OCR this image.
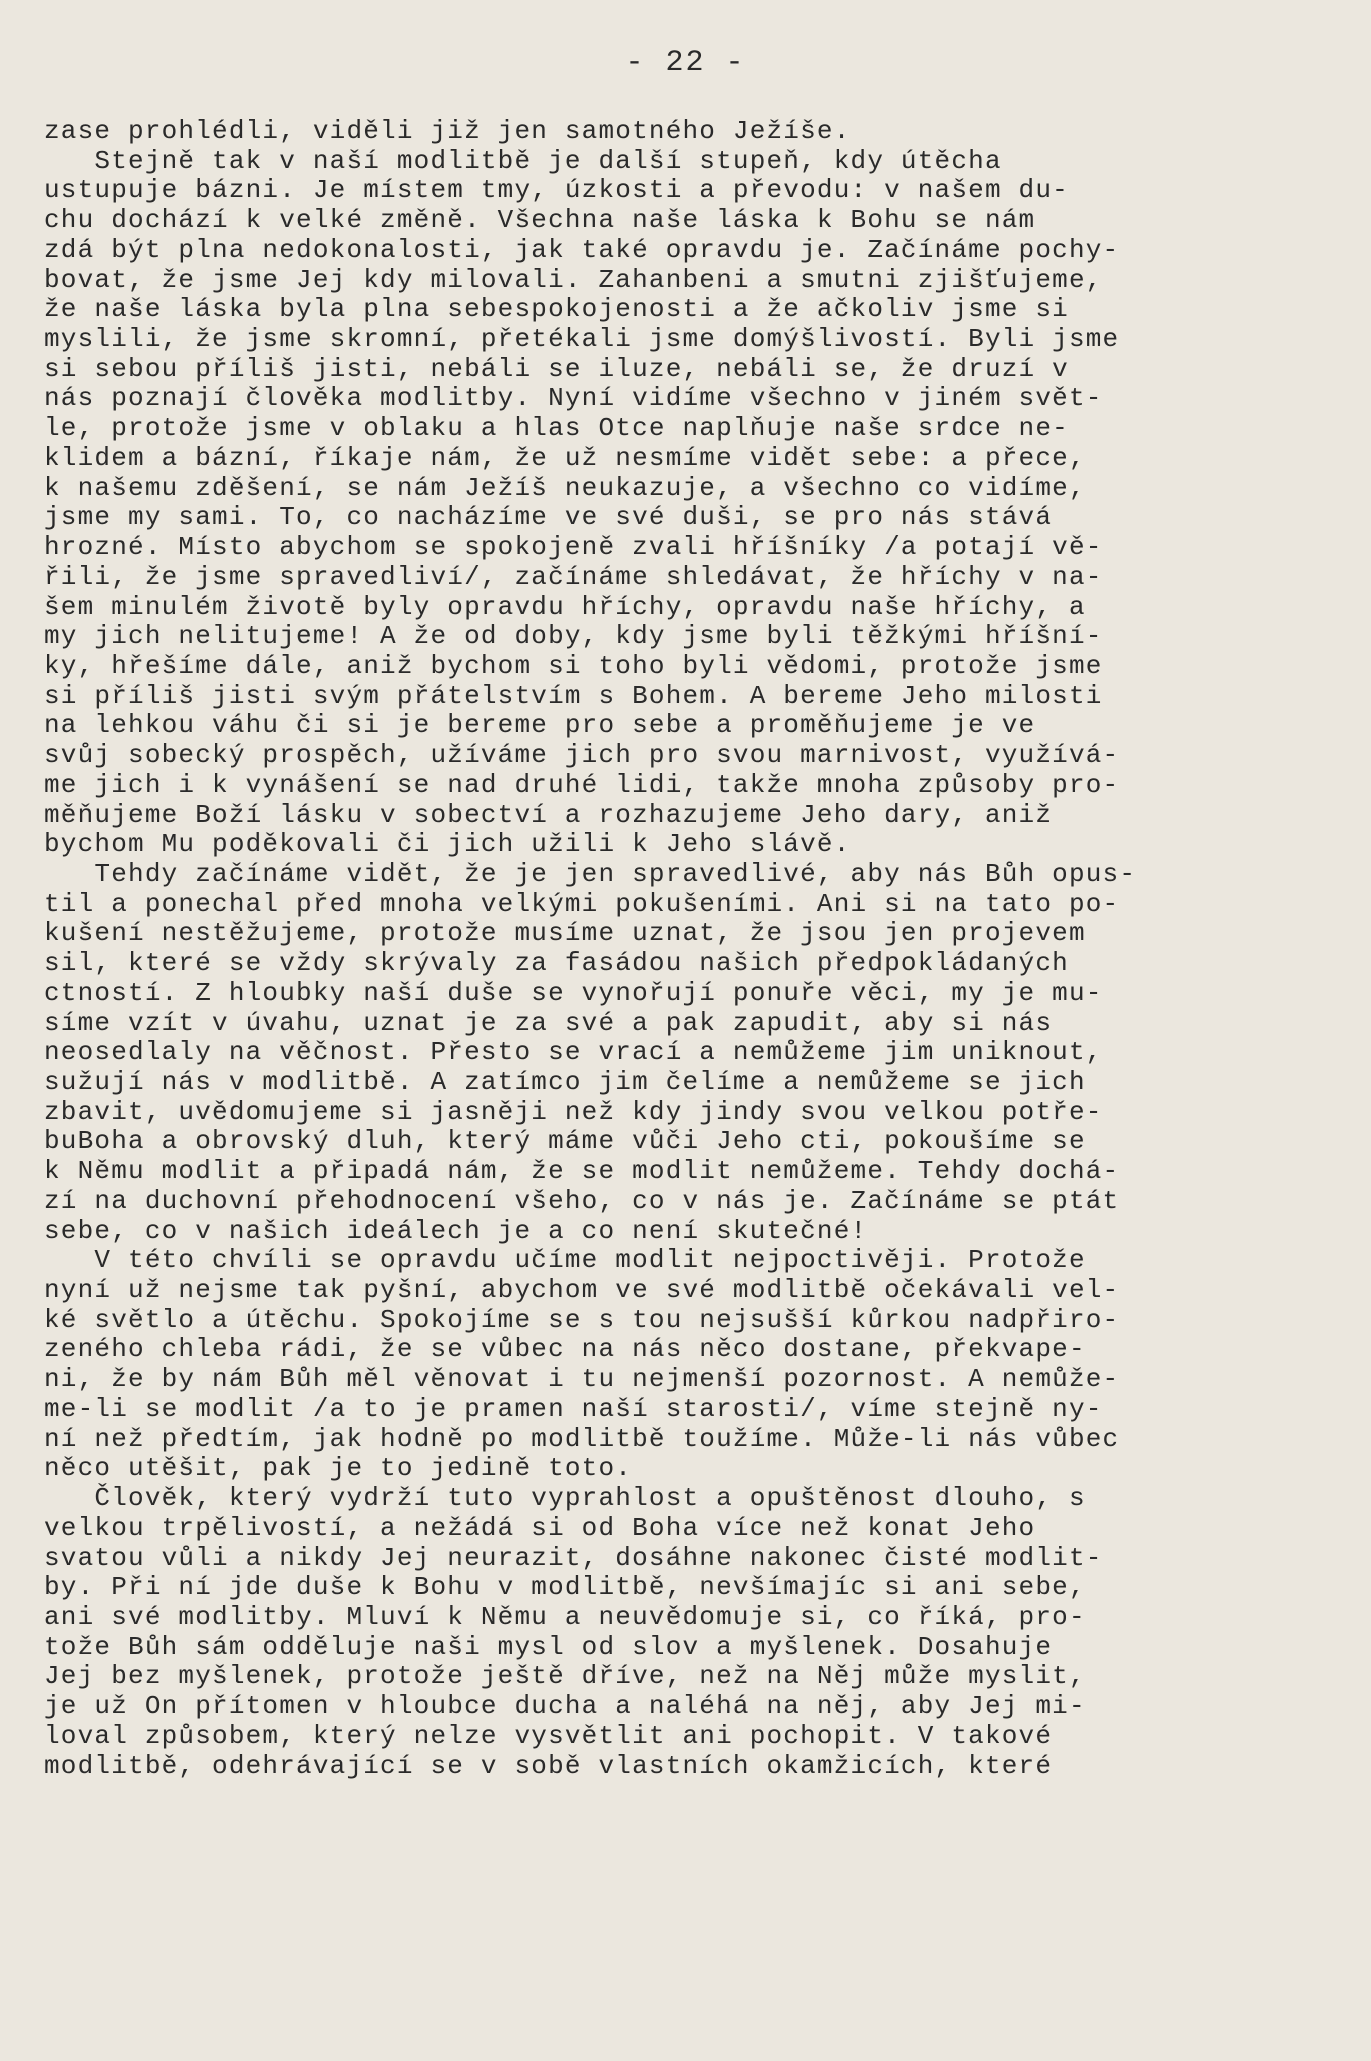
- 22 -
zase prohlédli, viděli již jen samotného Ježíše.
Stejně tak v naší modlitbě je další stupeň, kdy útěcha
ustupuje bázni. Je místem tmy, úzkosti a převodu: v našem du-
chu dochází k velké změně. Všechna naše láska k Bohu se nám
zdá být plna nedokonalosti, jak také opravdu je. Začínáme pochy-
bovat, že jsme Jej kdy milovali. Zahanbeni a smutni zjišťujeme,
že naše láska byla plna sebespokojenosti a že ačkoliv jsme si
myslili, že jsme skromní, přetékali jsme domýšlivostí. Byli jsme
si sebou příliš jisti, nebáli se iluze, nebáli se, že druzí v
nás poznají člověka modlitby. Nyní vidíme všechno v jiném svět-
le, protože jsme v oblaku a hlas Otce naplňuje naše srdce ne-
klidem a bázní, říkaje nám, že už nesmíme vidět sebe: a přece,
k našemu zděšení, se nám Ježíš neukazuje, a všechno co vidíme,
jsme my sami. To, co nacházíme ve své duši, se pro nás stává
hrozné. Místo abychom se spokojeně zvali hříšníky /a potají vě-
řili, že jsme spravedliví/, začínáme shledávat, že hříchy v na-
šem minulém životě byly opravdu hříchy, opravdu naše hříchy, a
my jich nelitujeme! A že od doby, kdy jsme byli těžkými hříšní-
ky, hřešíme dále, aniž bychom si toho byli vědomi, protože jsme
si příliš jisti svým přátelstvím s Bohem. A bereme Jeho milosti
na lehkou váhu či si je bereme pro sebe a proměňujeme je ve
svůj sobecký prospěch, užíváme jich pro svou marnivost, využívá-
me jich i k vynášení se nad druhé lidi, takže mnoha způsoby pro-
měňujeme Boží lásku v sobectví a rozhazujeme Jeho dary, aniž
bychom Mu poděkovali či jich užili k Jeho slávě.
Tehdy začínáme vidět, že je jen spravedlivé, aby nás Bůh opus-
til a ponechal před mnoha velkými pokušeními. Ani si na tato po-
kušení nestěžujeme, protože musíme uznat, že jsou jen projevem
sil, které se vždy skrývaly za fasádou našich předpokládaných
ctností. Z hloubky naší duše se vynořují ponuře věci, my je mu-
síme vzít v úvahu, uznat je za své a pak zapudit, aby si nás
neosedlaly na věčnost. Přesto se vrací a nemůžeme jim uniknout,
sužují nás v modlitbě. A zatímco jim čelíme a nemůžeme se jich
zbavit, uvědomujeme si jasněji než kdy jindy svou velkou potře-
buBoha a obrovský dluh, který máme vůči Jeho cti, pokoušíme se
k Němu modlit a připadá nám, že se modlit nemůžeme. Tehdy dochá-
zí na duchovní přehodnocení všeho, co v nás je. Začínáme se ptát
sebe, co v našich ideálech je a co není skutečné!
V této chvíli se opravdu učíme modlit nejpoctivěji. Protože
nyní už nejsme tak pyšní, abychom ve své modlitbě očekávali vel-
ké světlo a útěchu. Spokojíme se s tou nejsušší kůrkou nadpřiro-
zeného chleba rádi, že se vůbec na nás něco dostane, překvape-
ni, že by nám Bůh měl věnovat i tu nejmenší pozornost. A nemůže-
me-li se modlit /a to je pramen naší starosti/, víme stejně ny-
ní než předtím, jak hodně po modlitbě toužíme. Může-li nás vůbec
něco utěšit, pak je to jedině toto.
Člověk, který vydrží tuto vyprahlost a opuštěnost dlouho, s
velkou trpělivostí, a nežádá si od Boha více než konat Jeho
svatou vůli a nikdy Jej neurazit, dosáhne nakonec čisté modlit-
by. Při ní jde duše k Bohu v modlitbě, nevšímajíc si ani sebe,
ani své modlitby. Mluví k Němu a neuvědomuje si, co říká, pro-
tože Bůh sám odděluje naši mysl od slov a myšlenek. Dosahuje
Jej bez myšlenek, protože ještě dříve, než na Něj může myslit,
je už On přítomen v hloubce ducha a naléhá na něj, aby Jej mi-
loval způsobem, který nelze vysvětlit ani pochopit. V takové
modlitbě, odehrávající se v sobě vlastních okamžicích, které
